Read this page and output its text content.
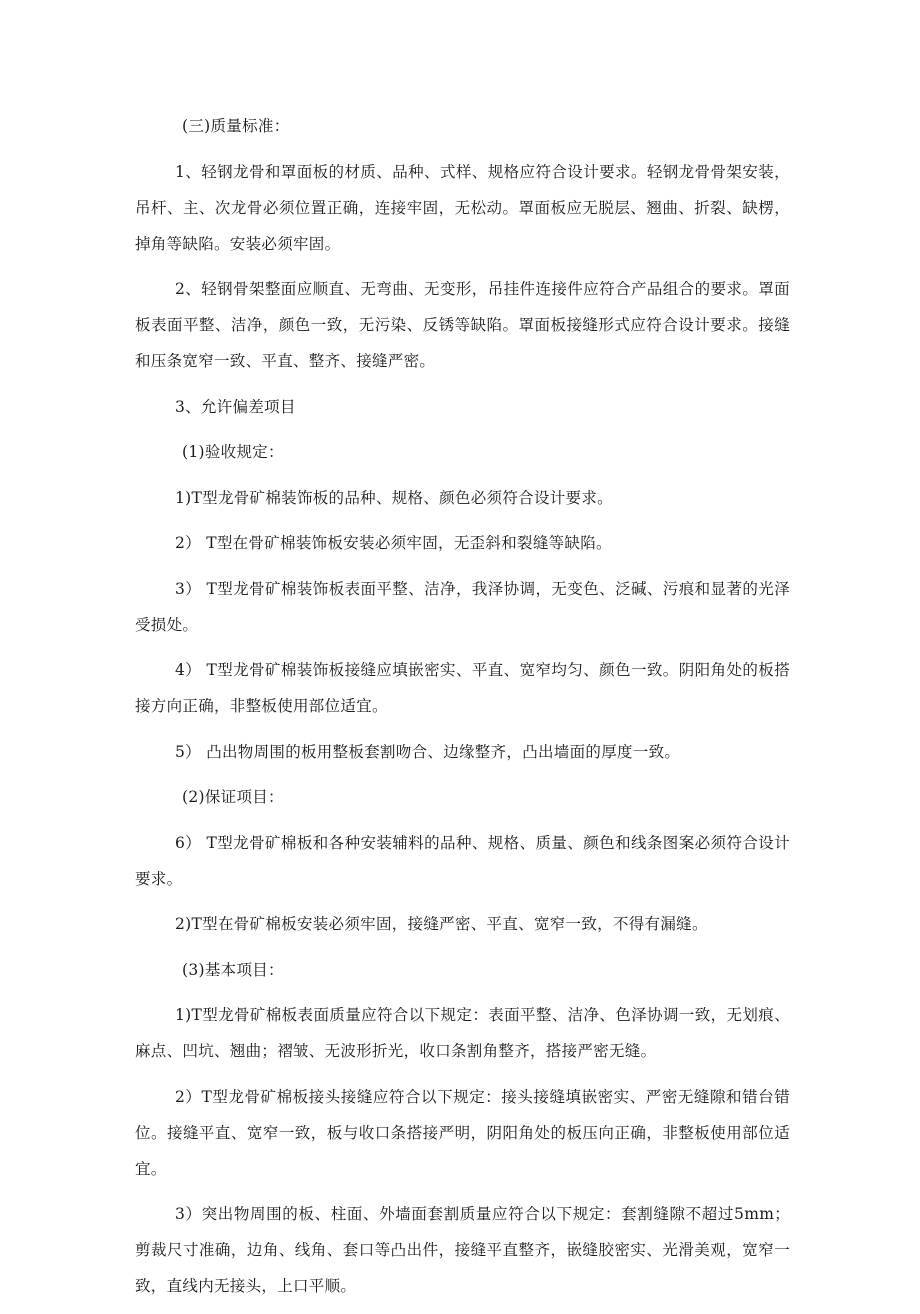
(三)质量标准：

1、轻钢龙骨和罩面板的材质、品种、式样、规格应符合设计要求。轻钢龙骨骨架安装，吊杆、主、次龙骨必须位置正确，连接牢固，无松动。罩面板应无脱层、翘曲、折裂、缺楞，掉角等缺陷。安装必须牢固。

2、轻钢骨架整面应顺直、无弯曲、无变形，吊挂件连接件应符合产品组合的要求。罩面板表面平整、洁净，颜色一致，无污染、反锈等缺陷。罩面板接缝形式应符合设计要求。接缝和压条宽窄一致、平直、整齐、接缝严密。

3、允许偏差项目

(1)验收规定：

1)T型龙骨矿棉装饰板的品种、规格、颜色必须符合设计要求。

2） T型在骨矿棉装饰板安装必须牢固，无歪斜和裂缝等缺陷。

3） T型龙骨矿棉装饰板表面平整、洁净，我泽协调，无变色、泛碱、污痕和显著的光泽受损处。

4） T型龙骨矿棉装饰板接缝应填嵌密实、平直、宽窄均匀、颜色一致。阴阳角处的板搭接方向正确，非整板使用部位适宜。

5） 凸出物周围的板用整板套割吻合、边缘整齐，凸出墙面的厚度一致。

(2)保证项目：

6） T型龙骨矿棉板和各种安装辅料的品种、规格、质量、颜色和线条图案必须符合设计要求。

2)T型在骨矿棉板安装必须牢固，接缝严密、平直、宽窄一致，不得有漏缝。

(3)基本项目：

1)T型龙骨矿棉板表面质量应符合以下规定：表面平整、洁净、色泽协调一致，无划痕、麻点、凹坑、翘曲；褶皱、无波形折光，收口条割角整齐，搭接严密无缝。

2）T型龙骨矿棉板接头接缝应符合以下规定：接头接缝填嵌密实、严密无缝隙和错台错位。接缝平直、宽窄一致，板与收口条搭接严明，阴阳角处的板压向正确，非整板使用部位适宜。

3）突出物周围的板、柱面、外墙面套割质量应符合以下规定：套割缝隙不超过5mm；剪裁尺寸准确，边角、线角、套口等凸出件，接缝平直整齐，嵌缝胶密实、光滑美观，宽窄一致，直线内无接头，上口平顺。
